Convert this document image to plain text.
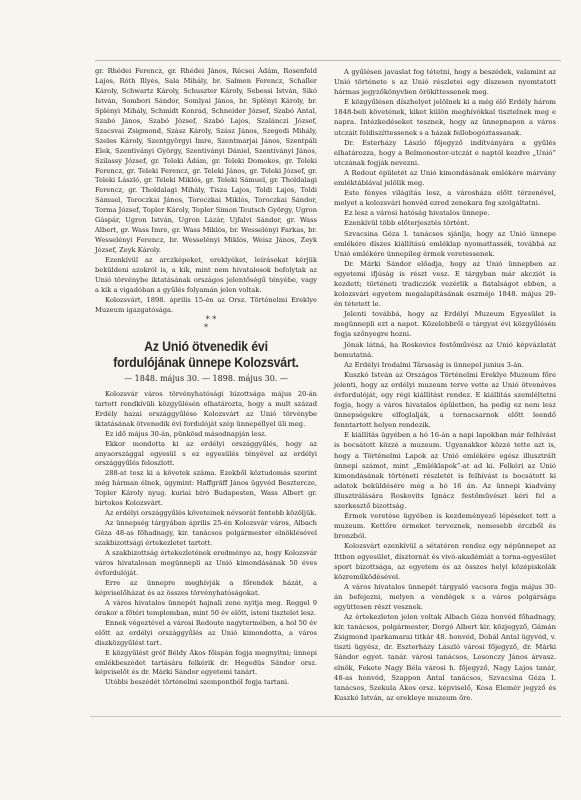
gr. Rhédei Ferencz, gr. Rhédei János, Récsei Ádám, Rosenfeld Lajos, Róth Illyés, Sala Mihály, br. Salmen Ferencz, Schaller Károly, Schwartz Károly, Schuszter Károly, Sebessi István, Sikó István, Sombori Sándor, Somlyai János, br. Splényi Károly, br. Splényi Mihály, Schmidt Konrád, Schneider József, Szabó Antal, Szabó János, Szabó József, Szabó Lajos, Szalánczi József, Szacsvai Zsigmond, Szász Károly, Szász János, Szegedi Mihály, Szeles Károly, Szentgyörgyi Imre, Szentmarjai János, Szentpáli Elek, Szentiványi György, Szentiványi Dániel, Szentiványi János, Szilassy József, gr. Teleki Ádám, gr. Teleki Domokos, gr. Teleki Ferencz, gr. Teleki Ferencz, gr. Teleki János, gr. Teleki József, gr. Teleki László, gr. Teleki Miklós, gr. Teleki Sámuel, gr. Tholdalagi Ferencz, gr. Tholdalagi Mihály, Tisza Lajos, Toldi Lajos, Toldi Sámuel, Toroczkai János, Toroczkai Miklós, Toroczkai Sándor, Torma József, Topler Károly, Topler Simon Teutsch György, Ugron Gáspár, Ugron István, Ugron Lázár, Ujfalvi Sándor, gr. Wass Albert, gr. Wass Imre, gr. Wass Miklós, br. Wesselényi Farkas, br. Wesselényi Ferencz, br. Wesselényi Miklós, Weisz János, Zeyk József, Zeyk Károly.

Ezenkívül az arczképeket, ereklyéket, leírásokat kérjük beküldeni azokról is, a kik, mint nem hivatalosok befolytak az Unió törvénybe iktatásának országos jelentőségű tényébe, vagy a kik a vigadóban a gyűlés folyamán jelen voltak.

Kolozsvárt, 1898. április 15-én az Orsz. Történelmi Ereklye Muzeum igazgatósága.

* *
*

Az Unió ötvenedik évi fordulójának ünnepe Kolozsvárt.
— 1848. május 30. — 1898. május 30. —

Kolozsvár város törvényhatósági bizottsága május 20-án tartott rendkívüli közgyűlésén elhatározta, hogy a mult század Erdély hazai országgyűlése Kolozsvárt az Unió törvénybe iktatásának ötvenedik évi fordulóját szép ünnepéllyel üli meg.

Ez idő május 30-án, pünkösd másodnapján lesz.

Ekkor mondotta ki az erdélyi országgyűlés, hogy az anyaországgal egyesül s ez egyesülés tényével az erdélyi országgyűlés feloszlott.

288-at tesz ki a követek száma. Ezekből köztudomás szerint még hárman élnek, úgymint: Haffgräff János ügyvéd Besztercze, Topler Károly nyug. kuriai bíró Budapesten, Wass Albert gr. birtokos Kolozsvárt.

Az erdélyi országgyűlés követeinek névsorát fentebb közöljük.

Az ünnepség tárgyában április 25-én Kolozsvár város, Albach Géza 48-as főhadnagy, kir. tanácsos polgármester elnöklésével szakbizottsági értekezletet tartott.

A szakbizottság értekezletének eredménye az, hogy Kolozsvár város hivatalosan megünnepli az Unió kimondásának 50 éves évfordulóját.

Erre az ünnepre meghívják a főrendek házát, a képviselőházat és az összes törvényhatóságokat.

A város hivatalos ünnepét hajnali zene nyitja meg. Reggel 9 órakor a főtéri templomban, mint 50 év előtt, isteni tisztelet lesz.

Ennek végeztével a városi Redoute nagytermében, a hol 50 év előtt az erdélyi országgyűlés az Unió kimondotta, a város díszközgyűlést tart.

E közgyűlést gróf Béldy Ákos főispán fogja megnyitni; ünnepi emlékbeszédet tartására felkérik dr. Hegedüs Sándor orsz. képviselőt és dr. Márki Sándor egyetemi tanárt.

Utóbbi beszédét történelmi szempontból fogja tartani.

A gyűlésen javaslat fog tétetni, hogy a beszédek, valamint az Unió története s az Unió részletei egy díszesen nyomtatott hármas jegyzőkönyvben örökíttessenek meg.

E közgyűlésen díszhelyet jelölnek ki a még élő Erdély három 1848-beli követének, kiket külön meghívókkal tisztelnek meg e napra. Intézkedéseket tesznek, hogy az ünnepnapon a város utczáit feldiszíttessenek s a házak fellobogóztassanak.

Dr. Esterházy László főjegyző indítványára a gyűlés elhatározza, hogy a Belmonostor-utczát e naptól kezdve „Unió” utczának fogják nevezni.

A Redout épületét az Unió kimondásának emlékére márvány emléktáblával jelölik meg.

Este fényes világítás lesz, a városháza előtt térzenével, melyet a kolozsvári honvéd ezred zenekara fog szolgáltatni.

Ez lesz a városi hatóság hivatalos ünnepe.

Ezenkívül több előterjesztés történt.

Szvacsina Géza I. tanácsos sjánlja, hogy az Unió ünnepe emlékére díszes kiállítású emléklap nyomattassék, továbbá az Unió emlékére ünnepileg érmek veretessenek.

Dr. Márki Sándor előadja, hogy az Unió ünnepben az egyetemi ifjúság is részt vesz. E tárgyban már akcziót is kezdett; történeti tradicziók vezérlik a fiatalságot ebben, a kolozsvári egyetem megalapításának eszméje 1848. május 29-én tétetett le.

Jelenti továbbá, hogy az Erdélyi Muzeum Egyesület is megünnepli ezt a napot. Közelebbről e tárgyat évi közgyűlésén fogja szőnyegre hozni.

Jónak látná, ha Roskovics festőművész az Unió képvázlatát bemutatná.

Az Erdélyi Irodalmi Társaság is ünnepel junius 3-án.

Kuszkó István az Országos Történelmi Ereklye Muzeum főre jelenti, hogy az erdélyi muzeum terve vette az Unió ötvenéves évfordulóját, egy régi kiállítást rendez. E kiállítás szemléltetni fogja, hogy a város hivatalos épületben, ha pedig ez nem lesz ünnepségekre elfoglalják, a tornacsarnok előtt leendő fenntartott helyen rendezik.

E kiállítás ügyében a hó 16-án a napi lapokban már felhívást is bocsátott közzé a muzeum. Ugyanakkor közzé tette azt is, hogy a Történelmi Lapok az Unió emlékére egész illusztrált ünnepi számot, mint „Emléklapok”-at ad ki. Felkéri az Unió kimondásának történeti részletét is felhívást is bocsátott ki adatok beküldésére még a hó 16 án. Az ünnepi kiadvány illusztrálására Roskovits Ignácz festőművészt kéri fel a szerkesztő bizottság.

Érmek veretése ügyében is kezdeményező lépéseket tett a muzeum. Kettőre érmeket terveznek, nemesebb érczből és bronzból.

Kolozsvárt ezenkívül a sétatéren rendez egy népünnepet az Ittbon egyesület, dísztornát és vivó-akadémiát a torna-egyesület sport bizottsága, az egyetem és az összes helyi középiskolák közreműködésével.

A város hivatalos ünnepét tárgyaló vacsora fogja május 30-án befejezni, melyen a vendégek s a város polgársága együttesen részt vesznek.

Az értekezleten jelen voltak Albach Géza honvéd főhadnagy, kir. tanácsos, polgármester, Dorgó Albert kir. közjegyző, Gámán Zsigmond iparkamarai titkár 48. honvéd, Dobál Antal ügyvéd, v. tiszti ügyész, dr. Eszterházy László városi főjegyző, dr. Márki Sándor egyet. tanár. városi tanácsos, Losonczy János árvasz. elnök, Fekete Nagy Béla városi h. főjegyző, Nagy Lajos tanár, 48-as honvéd, Szappon Antal tanácsos, Szvacsina Géza I. tanácsos, Szekula Ákos orsz. képviselő, Kosa Elemér jegyző és Kuszkó István, az erekleye muzeum őre.
